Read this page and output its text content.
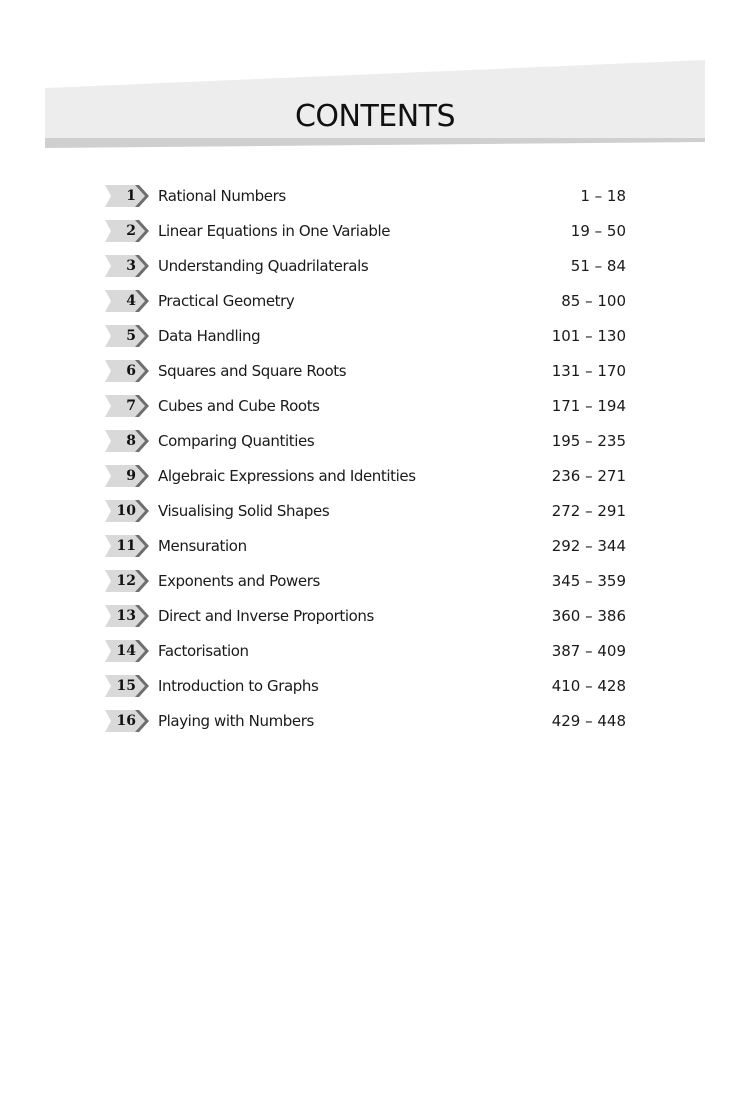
CONTENTS
1 Rational Numbers	1 – 18
2 Linear Equations in One Variable	19 – 50
3 Understanding Quadrilaterals	51 – 84
4 Practical Geometry	85 – 100
5 Data Handling	101 – 130
6 Squares and Square Roots	131 – 170
7 Cubes and Cube Roots	171 – 194
8 Comparing Quantities	195 – 235
9 Algebraic Expressions and Identities	236 – 271
10 Visualising Solid Shapes	272 – 291
11 Mensuration	292 – 344
12 Exponents and Powers	345 – 359
13 Direct and Inverse Proportions	360 – 386
14 Factorisation	387 – 409
15 Introduction to Graphs	410 – 428
16 Playing with Numbers	429 – 448
